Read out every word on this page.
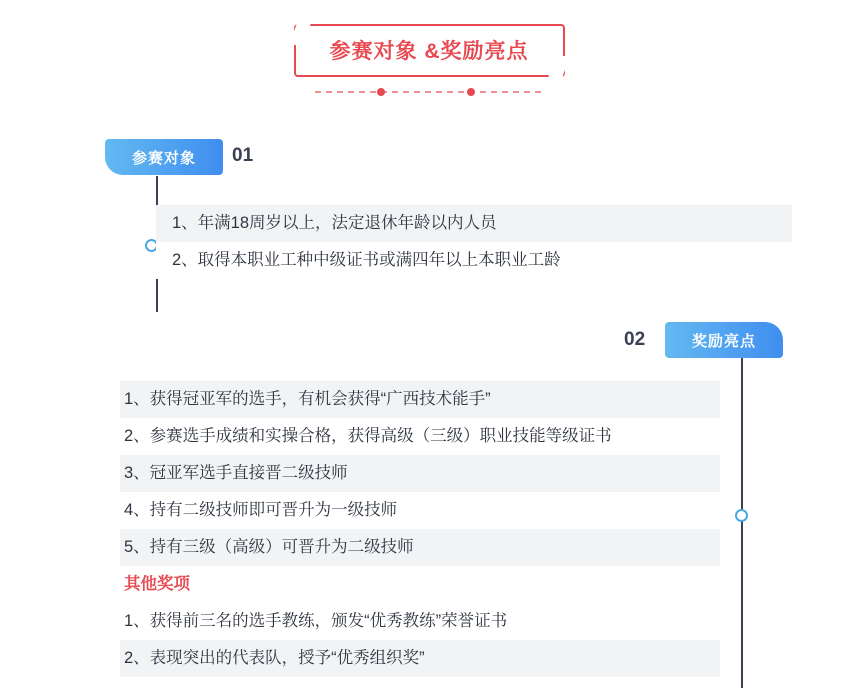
参赛对象 &奖励亮点
参赛对象 01
1、年满18周岁以上，法定退休年龄以内人员
2、取得本职业工种中级证书或满四年以上本职业工龄
奖励亮点
02
1、获得冠亚军的选手，有机会获得“广西技术能手”
2、参赛选手成绩和实操合格，获得高级（三级）职业技能等级证书
3、冠亚军选手直接晋二级技师
4、持有二级技师即可晋升为一级技师
5、持有三级（高级）可晋升为二级技师
其他奖项
1、获得前三名的选手教练，颁发“优秀教练”荣誉证书
2、表现突出的代表队，授予“优秀组织奖”
